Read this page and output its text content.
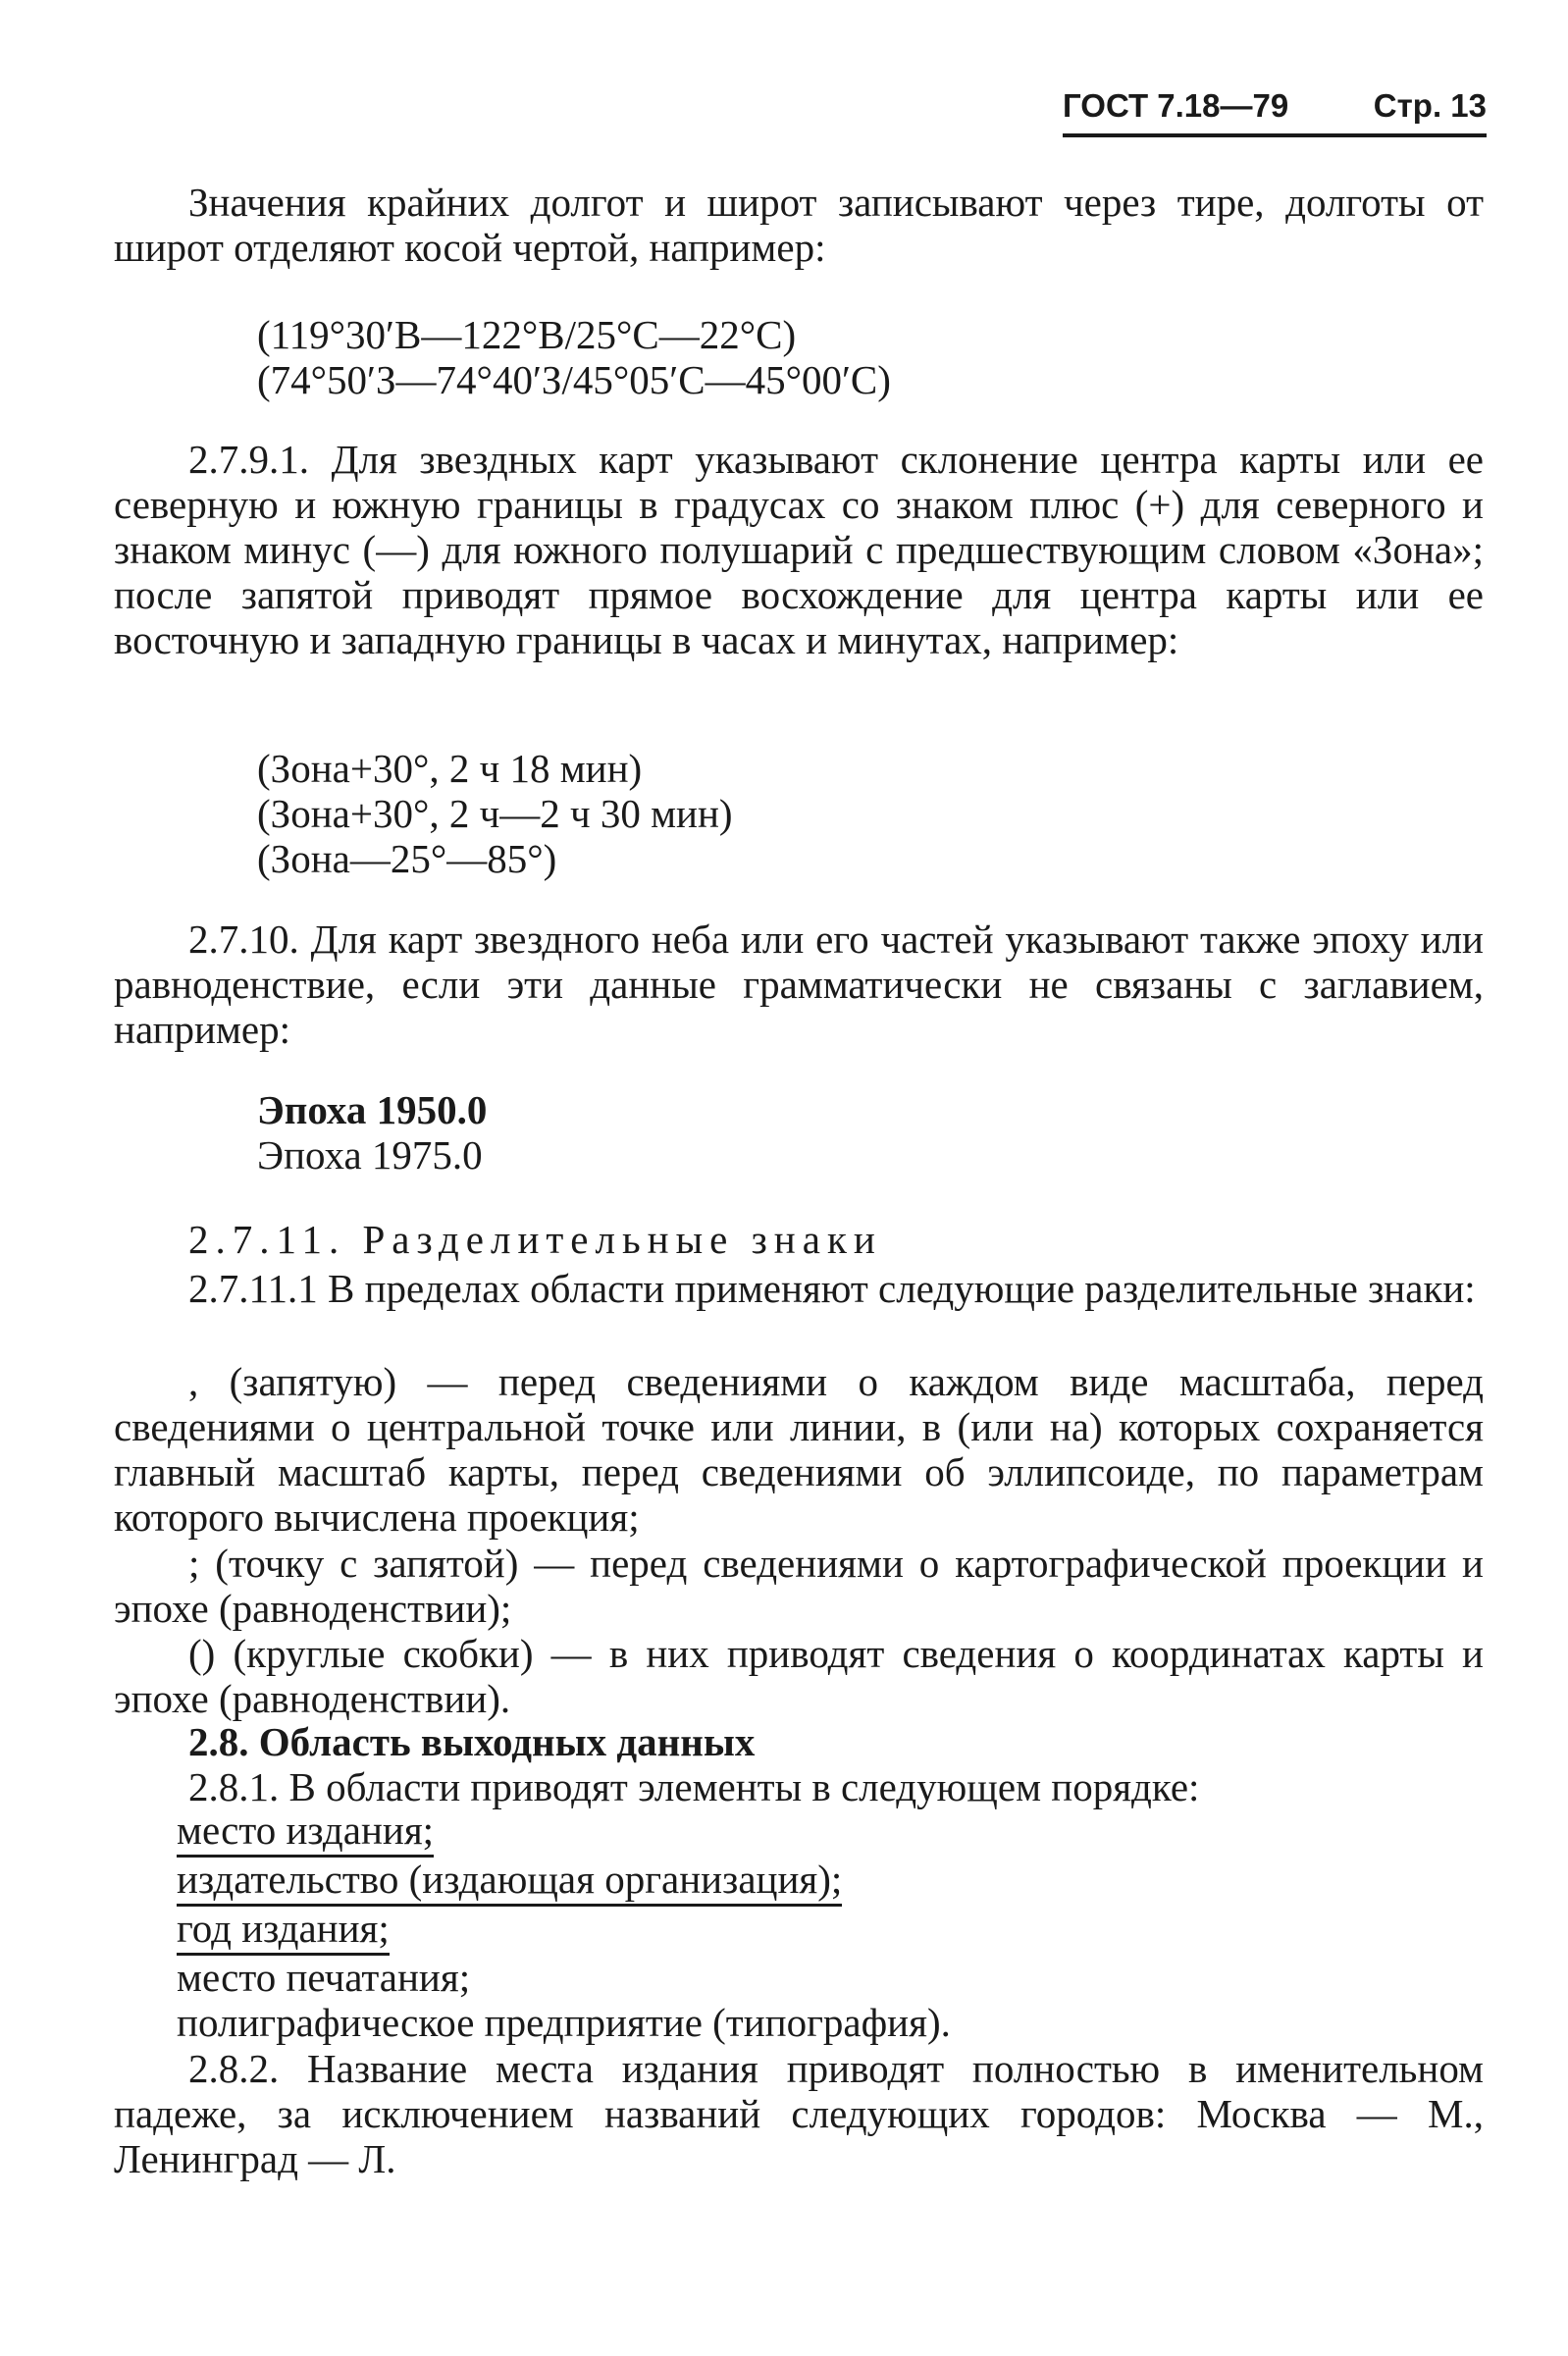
ГОСТ 7.18—79	Стр. 13

Значения крайних долгот и широт записывают через тире, долготы от широт отделяют косой чертой, например:

(119°30′В—122°В/25°С—22°С)
(74°50′З—74°40′З/45°05′С—45°00′С)

2.7.9.1. Для звездных карт указывают склонение центра карты или ее северную и южную границы в градусах со знаком плюс (+) для северного и знаком минус (—) для южного полушарий с предшествующим словом «Зона»; после запятой приводят прямое восхождение для центра карты или ее восточную и западную границы в часах и минутах, например:

(Зона+30°, 2 ч 18 мин)
(Зона+30°, 2 ч—2 ч 30 мин)
(Зона—25°—85°)

2.7.10. Для карт звездного неба или его частей указывают также эпоху или равноденствие, если эти данные грамматически не связаны с заглавием, например:

Эпоха 1950.0
Эпоха 1975.0
2.7.11. Разделительные знаки

2.7.11.1 В пределах области применяют следующие разделительные знаки:

, (запятую) — перед сведениями о каждом виде масштаба, перед сведениями о центральной точке или линии, в (или на) которых сохраняется главный масштаб карты, перед сведениями об эллипсоиде, по параметрам которого вычислена проекция;

; (точку с запятой) — перед сведениями о картографической проекции и эпохе (равноденствии);

() (круглые скобки) — в них приводят сведения о координатах карты и эпохе (равноденствии).

2.8. Область выходных данных
2.8.1. В области приводят элементы в следующем порядке:
место издания;
издательство (издающая организация);
год издания;
место печатания;
полиграфическое предприятие (типография).

2.8.2. Название места издания приводят полностью в именительном падеже, за исключением названий следующих городов: Москва — М., Ленинград — Л.
